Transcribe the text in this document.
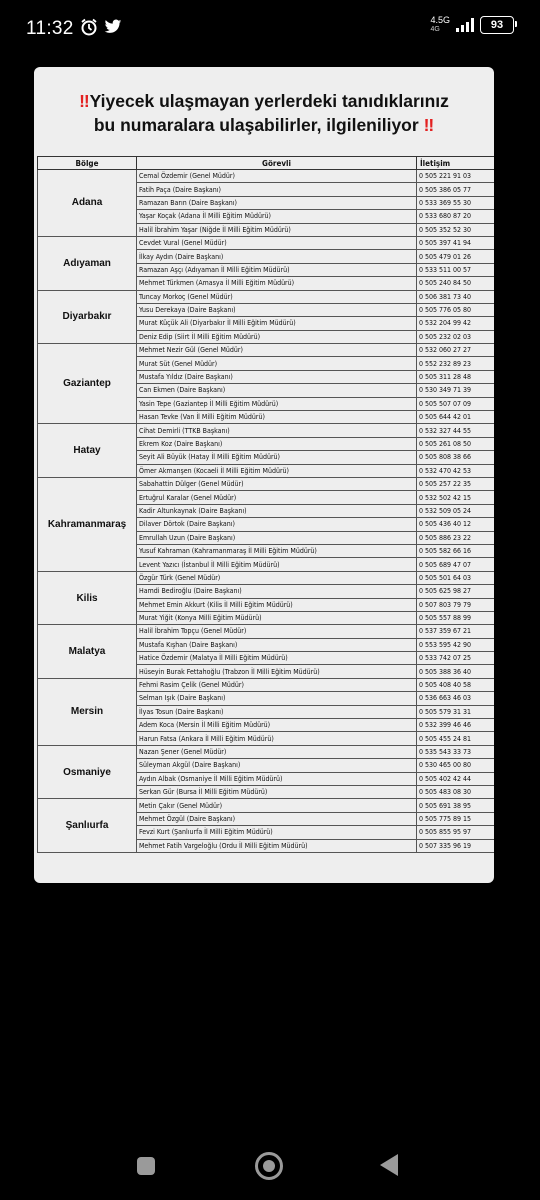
11:32	4.5G
4G	93
‼Yiyecek ulaşmayan yerlerdeki tanıdıklarınız
bu numaralara ulaşabilirler, ilgileniliyor ‼
Bölge	Görevli	İletişim
Adana	Cemal Özdemir (Genel Müdür)	0 505 221 91 03
	Fatih Paça (Daire Başkanı)	0 505 386 05 77
	Ramazan Barın (Daire Başkanı)	0 533 369 55 30
	Yaşar Koçak (Adana İl Milli Eğitim Müdürü)	0 533 680 87 20
	Halil İbrahim Yaşar (Niğde İl Milli Eğitim Müdürü)	0 505 352 52 30
Adıyaman	Cevdet Vural (Genel Müdür)	0 505 397 41 94
	İlkay Aydın (Daire Başkanı)	0 505 479 01 26
	Ramazan Aşçı (Adıyaman İl Milli Eğitim Müdürü)	0 533 511 00 57
	Mehmet Türkmen (Amasya İl Milli Eğitim Müdürü)	0 505 240 84 50
Diyarbakır	Tuncay Morkoç (Genel Müdür)	0 506 381 73 40
	Yusu Derekaya (Daire Başkanı)	0 505 776 05 80
	Murat Küçük Ali (Diyarbakır İl Milli Eğitim Müdürü)	0 532 204 99 42
	Deniz Edip (Siirt İl Milli Eğitim Müdürü)	0 505 232 02 03
Gaziantep	Mehmet Nezir Gül (Genel Müdür)	0 532 060 27 27
	Murat Süt (Genel Müdür)	0 552 232 89 23
	Mustafa Yıldız (Daire Başkanı)	0 505 311 28 48
	Can Ekmen (Daire Başkanı)	0 530 349 71 39
	Yasin Tepe (Gaziantep İl Milli Eğitim Müdürü)	0 505 507 07 09
	Hasan Tevke (Van İl Milli Eğitim Müdürü)	0 505 644 42 01
Hatay	Cihat Demirli (TTKB Başkanı)	0 532 327 44 55
	Ekrem Koz (Daire Başkanı)	0 505 261 08 50
	Seyit Ali Büyük (Hatay İl Milli Eğitim Müdürü)	0 505 808 38 66
	Ömer Akmanşen (Kocaeli İl Milli Eğitim Müdürü)	0 532 470 42 53
Kahramanmaraş	Sabahattin Dülger (Genel Müdür)	0 505 257 22 35
	Ertuğrul Karalar (Genel Müdür)	0 532 502 42 15
	Kadir Altunkaynak (Daire Başkanı)	0 532 509 05 24
	Dilaver Dörtok (Daire Başkanı)	0 505 436 40 12
	Emrullah Uzun (Daire Başkanı)	0 505 886 23 22
	Yusuf Kahraman (Kahramanmaraş İl Milli Eğitim Müdürü)	0 505 582 66 16
	Levent Yazıcı (İstanbul İl Milli Eğitim Müdürü)	0 505 689 47 07
Kilis	Özgür Türk (Genel Müdür)	0 505 501 64 03
	Hamdi Bediroğlu (Daire Başkanı)	0 505 625 98 27
	Mehmet Emin Akkurt (Kilis İl Milli Eğitim Müdürü)	0 507 803 79 79
	Murat Yiğit (Konya Milli Eğitim Müdürü)	0 505 557 88 99
Malatya	Halil İbrahim Topçu (Genel Müdür)	0 537 359 67 21
	Mustafa Kışhan (Daire Başkanı)	0 553 595 42 90
	Hatice Özdemir (Malatya İl Milli Eğitim Müdürü)	0 533 742 07 25
	Hüseyin Burak Fettahoğlu (Trabzon İl Milli Eğitim Müdürü)	0 505 388 36 40
Mersin	Fehmi Rasim Çelik (Genel Müdür)	0 505 408 40 58
	Selman Işık (Daire Başkanı)	0 536 663 46 03
	İlyas Tosun (Daire Başkanı)	0 505 579 31 31
	Adem Koca (Mersin İl Milli Eğitim Müdürü)	0 532 399 46 46
	Harun Fatsa (Ankara İl Milli Eğitim Müdürü)	0 505 455 24 81
Osmaniye	Nazan Şener (Genel Müdür)	0 535 543 33 73
	Süleyman Akgül (Daire Başkanı)	0 530 465 00 80
	Aydın Albak (Osmaniye İl Milli Eğitim Müdürü)	0 505 402 42 44
	Serkan Gür (Bursa İl Milli Eğitim Müdürü)	0 505 483 08 30
Şanlıurfa	Metin Çakır (Genel Müdür)	0 505 691 38 95
	Mehmet Özgül (Daire Başkanı)	0 505 775 89 15
	Fevzi Kurt (Şanlıurfa İl Milli Eğitim Müdürü)	0 505 855 95 97
	Mehmet Fatih Vargeloğlu (Ordu İl Milli Eğitim Müdürü)	0 507 335 96 19
